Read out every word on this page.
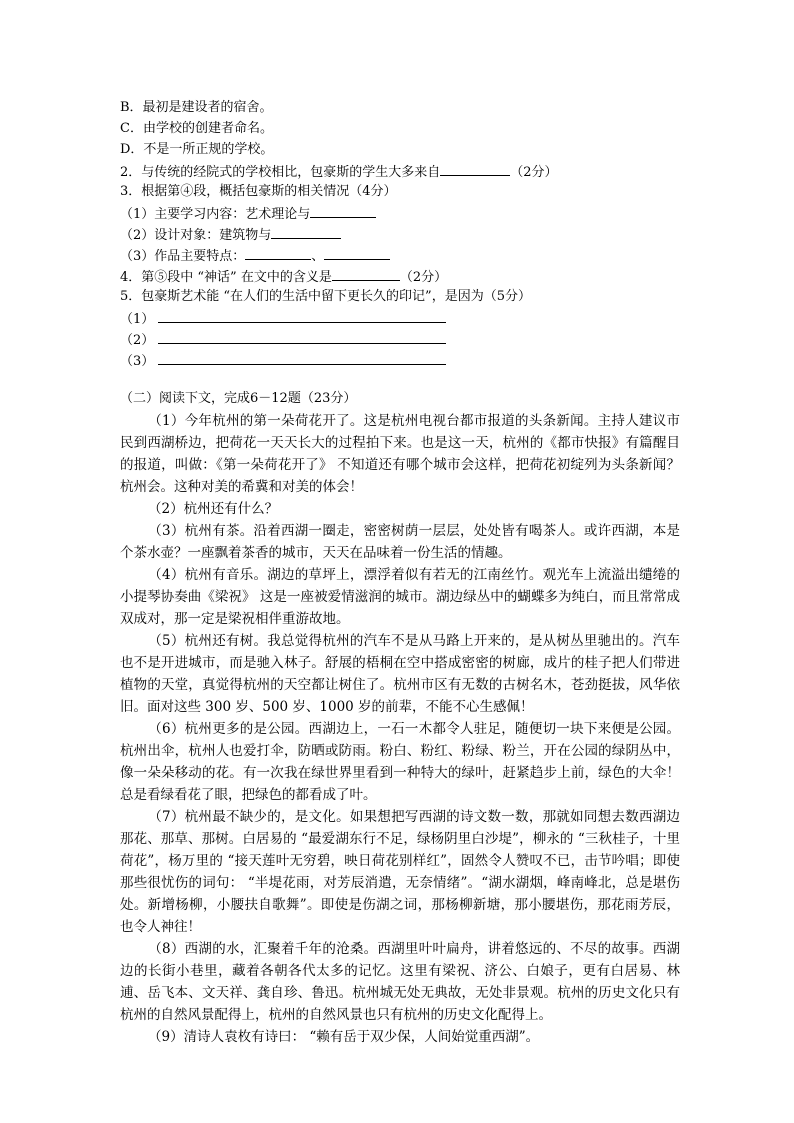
B．最初是建设者的宿舍。
C．由学校的创建者命名。
D．不是一所正规的学校。
2．与传统的经院式的学校相比，包豪斯的学生大多来自	（2分）
3．根据第④段，概括包豪斯的相关情况（4分）
（1）主要学习内容：艺术理论与
（2）设计对象：建筑物与
（3）作品主要特点：	、
4．第⑤段中 “神话” 在文中的含义是	（2分）
5．包豪斯艺术能 “在人们的生活中留下更长久的印记”，是因为（5分）
（1）
（2）
（3）
（二）阅读下文，完成6－12题（23分）
（1）今年杭州的第一朵荷花开了。这是杭州电视台都市报道的头条新闻。主持人建议市民到西湖桥边，把荷花一天天长大的过程拍下来。也是这一天，杭州的《都市快报》有篇醒目的报道，叫做：《第一朵荷花开了》 不知道还有哪个城市会这样，把荷花初绽列为头条新闻？杭州会。这种对美的希冀和对美的体会！
（2）杭州还有什么？
（3）杭州有茶。沿着西湖一圈走，密密树荫一层层，处处皆有喝茶人。或许西湖，本是个茶水壶？一座飘着茶香的城市，天天在品味着一份生活的情趣。
（4）杭州有音乐。湖边的草坪上，漂浮着似有若无的江南丝竹。观光车上流溢出缱绻的小提琴协奏曲《梁祝》 这是一座被爱情滋润的城市。湖边绿丛中的蝴蝶多为纯白，而且常常成双成对，那一定是梁祝相伴重游故地。
（5）杭州还有树。我总觉得杭州的汽车不是从马路上开来的，是从树丛里驰出的。汽车也不是开进城市，而是驰入林子。舒展的梧桐在空中搭成密密的树廊，成片的桂子把人们带进植物的天堂，真觉得杭州的天空都让树住了。杭州市区有无数的古树名木，苍劲挺拔，风华依旧。面对这些 300 岁、500 岁、1000 岁的前辈，不能不心生感佩！
（6）杭州更多的是公园。西湖边上，一石一木都令人驻足，随便切一块下来便是公园。杭州出伞，杭州人也爱打伞，防晒或防雨。粉白、粉红、粉绿、粉兰，开在公园的绿阴丛中，像一朵朵移动的花。有一次我在绿世界里看到一种特大的绿叶，赶紧趋步上前，绿色的大伞！总是看绿看花了眼，把绿色的都看成了叶。
（7）杭州最不缺少的，是文化。如果想把写西湖的诗文数一数，那就如同想去数西湖边那花、那草、那树。白居易的 “最爱湖东行不足，绿杨阴里白沙堤”，柳永的 “三秋桂子，十里荷花”，杨万里的 “接天莲叶无穷碧，映日荷花别样红”，固然令人赞叹不已，击节吟唱；即使那些很忧伤的词句： “半堤花雨，对芳辰消遣，无奈情绪”。“湖水湖烟，峰南峰北，总是堪伤处。新增杨柳，小腰扶自歌舞”。即使是伤湖之词，那杨柳新塘，那小腰堪伤，那花雨芳辰，也令人神往！
（8）西湖的水，汇聚着千年的沧桑。西湖里叶叶扁舟，讲着悠远的、不尽的故事。西湖边的长街小巷里，藏着各朝各代太多的记忆。这里有梁祝、济公、白娘子，更有白居易、林逋、岳飞本、文天祥、龚自珍、鲁迅。杭州城无处无典故，无处非景观。杭州的历史文化只有杭州的自然风景配得上，杭州的自然风景也只有杭州的历史文化配得上。
（9）清诗人袁枚有诗曰： “赖有岳于双少保，人间始觉重西湖”。
